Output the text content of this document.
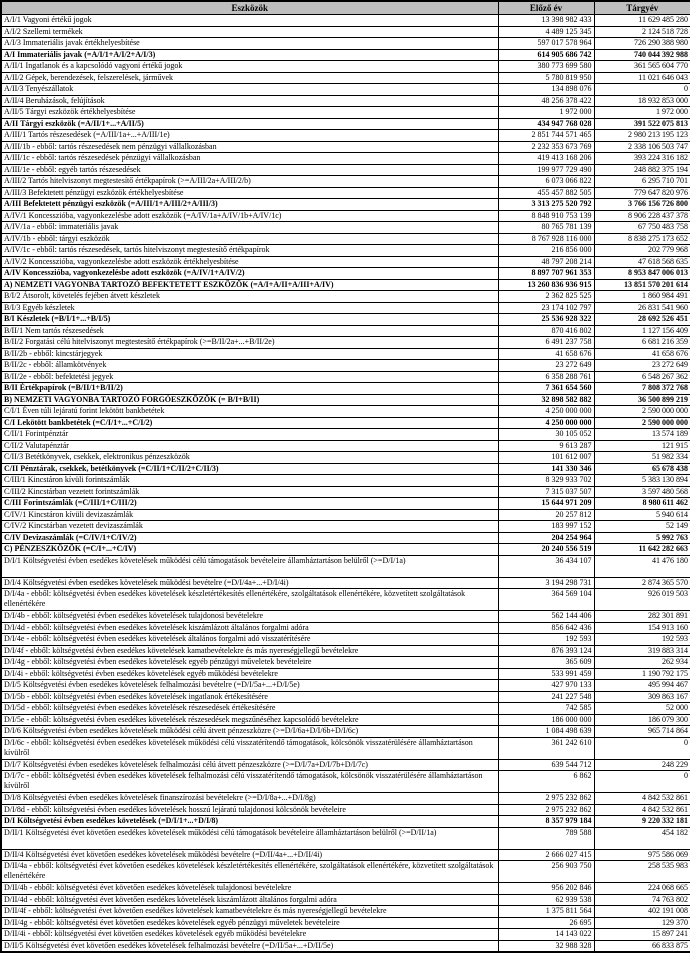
Eszközök	Előző év	Tárgyév
A/I/1 Vagyoni értékű jogok	13 398 982 433	11 629 485 280
A/I/2 Szellemi termékek	4 489 125 345	2 124 518 728
A/I/3 Immateriális javak értékhelyesbítése	597 017 578 964	726 290 388 980
A/I Immateriális javak (=A/I/1+A/I/2+A/I/3)	614 905 686 742	740 044 392 988
A/II/1 Ingatlanok és a kapcsolódó vagyoni értékű jogok	380 773 699 580	361 565 604 770
A/II/2 Gépek, berendezések, felszerelések, járművek	5 780 819 950	11 021 646 043
A/II/3 Tenyészállatok	134 898 076	0
A/II/4 Beruházások, felújítások	48 256 378 422	18 932 853 000
A/II/5 Tárgyi eszközök értékhelyesbítése	1 972 000	1 972 000
A/II Tárgyi eszközök (=A/II/1+...+A/II/5)	434 947 768 028	391 522 075 813
A/III/1 Tartós részesedések (=A/III/1a+...+A/III/1e)	2 851 744 571 465	2 980 213 195 123
A/III/1b - ebből: tartós részesedések nem pénzügyi vállalkozásban	2 232 353 673 769	2 338 106 503 747
A/III/1c - ebből: tartós részesedések pénzügyi vállalkozásban	419 413 168 206	393 224 316 182
A/III/1e - ebből: egyéb tartós részesedések	199 977 729 490	248 882 375 194
A/III/2 Tartós hitelviszonyt megtestesítő értékpapírok (>=A/III/2a+A/III/2/b)	6 073 066 822	6 295 710 701
A/III/3 Befektetett pénzügyi eszközök értékhelyesbítése	455 457 882 505	779 647 820 976
A/III Befektetett pénzügyi eszközök (=A/III/1+A/III/2+A/III/3)	3 313 275 520 792	3 766 156 726 800
A/IV/1 Koncesszióba, vagyonkezelésbe adott eszközök (=A/IV/1a+A/IV/1b+A/IV/1c)	8 848 910 753 139	8 906 228 437 378
A/IV/1a - ebből: immateriális javak	80 765 781 139	67 750 483 758
A/IV/1b - ebből: tárgyi eszközök	8 767 928 116 000	8 838 275 173 652
A/IV/1c - ebből: tartós részesedések, tartós hitelviszonyt megtestesítő értékpapírok	216 856 000	202 779 968
A/IV/2 Koncesszióba, vagyonkezelésbe adott eszközök értékhelyesbítése	48 797 208 214	47 618 568 635
A/IV Koncesszióba, vagyonkezelésbe adott eszközök (=A/IV/1+A/IV/2)	8 897 707 961 353	8 953 847 006 013
A) NEMZETI VAGYONBA TARTOZÓ BEFEKTETETT ESZKÖZÖK (=A/I+A/II+A/III+A/IV)	13 260 836 936 915	13 851 570 201 614
B/I/2 Átsorolt, követelés fejében átvett készletek	2 362 825 525	1 860 984 491
B/I/3 Egyéb készletek	23 174 102 797	26 831 541 960
B/I Készletek (=B/I/1+...+B/I/5)	25 536 928 322	28 692 526 451
B/II/1 Nem tartós részesedések	870 416 802	1 127 156 409
B/II/2 Forgatási célú hitelviszonyt megtestesítő értékpapírok (>=B/II/2a+...+B/II/2e)	6 491 237 758	6 681 216 359
B/II/2b - ebből: kincstárjegyek	41 658 676	41 658 676
B/II/2c - ebből: államkötvények	23 272 649	23 272 649
B/II/2e - ebből: befektetési jegyek	6 358 288 761	6 548 267 362
B/II Értékpapírok (=B/II/1+B/II/2)	7 361 654 560	7 808 372 768
B) NEMZETI VAGYONBA TARTOZÓ FORGÓESZKÖZÖK (= B/I+B/II)	32 898 582 882	36 500 899 219
C/I/1 Éven túli lejáratú forint lekötött bankbetétek	4 250 000 000	2 590 000 000
C/I Lekötött bankbetétek (=C/I/1+...+C/I/2)	4 250 000 000	2 590 000 000
C/II/1 Forintpénztár	30 105 052	13 574 189
C/II/2 Valutapénztár	9 613 287	121 915
C/II/3 Betétkönyvek, csekkek, elektronikus pénzeszközök	101 612 007	51 982 334
C/II Pénztárak, csekkek, betétkönyvek (=C/II/1+C/II/2+C/II/3)	141 330 346	65 678 438
C/III/1 Kincstáron kívüli forintszámlák	8 329 933 702	5 383 130 894
C/III/2 Kincstárban vezetett forintszámlák	7 315 037 507	3 597 480 568
C/III Forintszámlák (=C/III/1+C/III/2)	15 644 971 209	8 980 611 462
C/IV/1 Kincstáron kívüli devizaszámlák	20 257 812	5 940 614
C/IV/2 Kincstárban vezetett devizaszámlák	183 997 152	52 149
C/IV Devizaszámlák (=C/IV/1+C/IV/2)	204 254 964	5 992 763
C) PÉNZESZKÖZÖK (=C/I+...+C/IV)	20 240 556 519	11 642 282 663
D/I/1 Költségvetési évben esedékes követelések működési célú támogatások bevételeire államháztartáson belülről (>=D/I/1a)	36 434 107	41 476 180
D/I/4 Költségvetési évben esedékes követelések működési bevételre (=D/I/4a+...+D/I/4i)	3 194 298 731	2 874 365 570
D/I/4a - ebből: költségvetési évben esedékes követelések készletértékesítés ellenértékére, szolgáltatások ellenértékére, közvetített szolgáltatások ellenértékére	364 569 104	926 019 503
D/I/4b - ebből: költségvetési évben esedékes követelések tulajdonosi bevételekre	562 144 406	282 301 891
D/I/4d - ebből: költségvetési évben esedékes követelések kiszámlázott általános forgalmi adóra	856 642 436	154 913 160
D/I/4e - ebből: költségvetési évben esedékes követelések általános forgalmi adó visszatérítésére	192 593	192 593
D/I/4f - ebből: költségvetési évben esedékes követelések kamatbevételekre és más nyereségjellegű bevételekre	876 393 124	319 883 314
D/I/4g - ebből: költségvetési évben esedékes követelések egyéb pénzügyi műveletek bevételeire	365 609	262 934
D/I/4i - ebből: költségvetési évben esedékes követelések egyéb működési bevételekre	533 991 459	1 190 792 175
D/I/5 Költségvetési évben esedékes követelések felhalmozási bevételre (=D/I/5a+...+D/I/5e)	427 970 133	495 994 467
D/I/5b - ebből: költségvetési évben esedékes követelések ingatlanok értékesítésére	241 227 548	309 863 167
D/I/5d - ebből: költségvetési évben esedékes követelések részesedések értékesítésére	742 585	52 000
D/I/5e - ebből: költségvetési évben esedékes követelések részesedések megszűnéséhez kapcsolódó bevételekre	186 000 000	186 079 300
D/I/6 Költségvetési évben esedékes követelések működési célú átvett pénzeszközre (>=D/I/6a+D/I/6b+D/I/6c)	1 084 498 639	965 714 864
D/I/6c - ebből: költségvetési évben esedékes követelések működési célú visszatérítendő támogatások, kölcsönök visszatérülésére államháztartáson kívülről	361 242 610	0
D/I/7 Költségvetési évben esedékes követelések felhalmozási célú átvett pénzeszközre (>=D/I/7a+D/I/7b+D/I/7c)	639 544 712	248 229
D/I/7c - ebből: költségvetési évben esedékes követelések felhalmozási célú visszatérítendő támogatások, kölcsönök visszatérülésére államháztartáson kívülről	6 862	0
D/I/8 Költségvetési évben esedékes követelések finanszírozási bevételekre (>=D/I/8a+...+D/I/8g)	2 975 232 862	4 842 532 861
D/I/8d - ebből: költségvetési évben esedékes követelések hosszú lejáratú tulajdonosi kölcsönök bevételeire	2 975 232 862	4 842 532 861
D/I Költségvetési évben esedékes követelések (=D/I/1+...+D/I/8)	8 357 979 184	9 220 332 181
D/II/1 Költségvetési évet követően esedékes követelések működési célú támogatások bevételeire államháztartáson belülről (>=D/II/1a)	789 588	454 182
D/II/4 Költségvetési évet követően esedékes követelések működési bevételre (=D/II/4a+...+D/II/4i)	2 666 027 415	975 586 069
D/II/4a - ebből: költségvetési évet követően esedékes követelések készletértékesítés ellenértékére, szolgáltatások ellenértékére, közvetített szolgáltatások ellenértékére	256 903 750	258 535 983
D/II/4b - ebből: költségvetési évet követően esedékes követelések tulajdonosi bevételekre	956 202 846	224 068 665
D/II/4d - ebből: költségvetési évet követően esedékes követelések kiszámlázott általános forgalmi adóra	62 939 538	74 763 802
D/II/4f - ebből: költségvetési évet követően esedékes követelések kamatbevételekre és más nyereségjellegű bevételekre	1 375 811 564	402 191 008
D/II/4g - ebből: költségvetési évet követően esedékes követelések egyéb pénzügyi műveletek bevételeire	26 695	129 370
D/II/4i - ebből: költségvetési évet követően esedékes követelések egyéb működési bevételekre	14 143 022	15 897 241
D/II/5 Költségvetési évet követően esedékes követelések felhalmozási bevételre (=D/II/5a+...+D/II/5e)	32 988 328	66 833 875
